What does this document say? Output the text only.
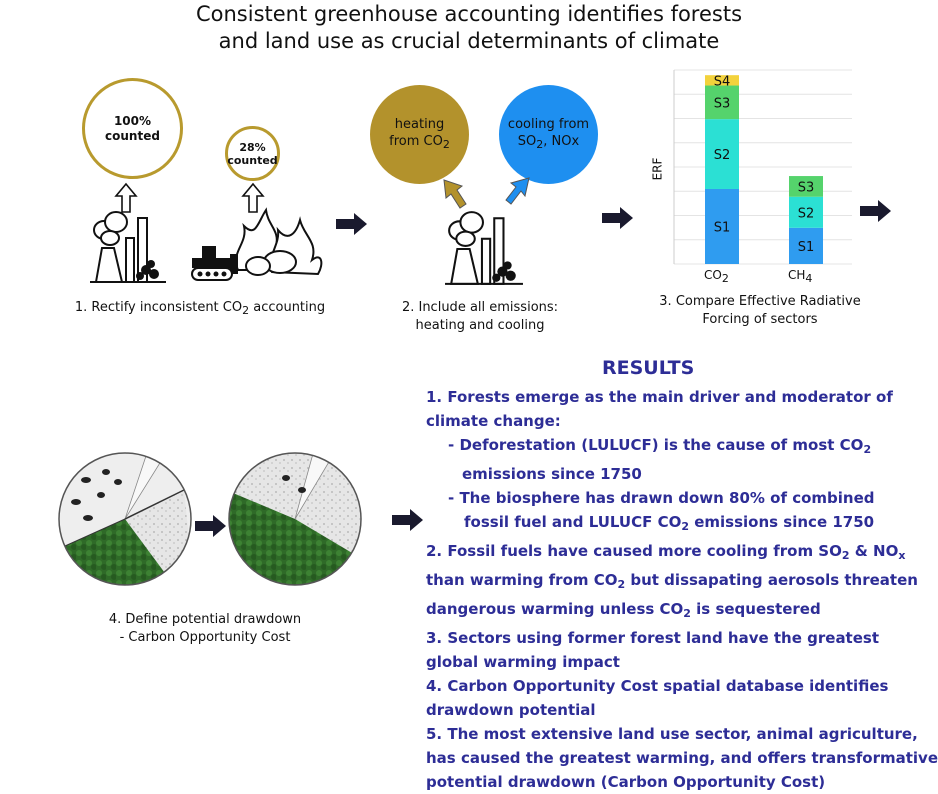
Consistent greenhouse accounting identifies forests
and land use as crucial determinants of climate
100%
counted
28%
counted
1. Rectify inconsistent $CO_2$ accounting
heating
from $CO_2$
cooling from
$SO_2$, NOx
2. Include all emissions:
heating and cooling
S1
S2
S3
S4
S1
S2
S3
ERF
CO2	CH4
3. Compare Effective Radiative
Forcing of sectors
4. Define potential drawdown
- Carbon Opportunity Cost
RESULTS
1. Forests emerge as the main driver and moderator of
climate change:
- Deforestation (LULUCF) is the cause of most $CO_2$
emissions since 1750
- The biosphere has drawn down 80% of combined
fossil fuel and LULUCF $CO_2$ emissions since 1750
2. Fossil fuels have caused more cooling from $SO_2$ & $NO_x$
than warming from $CO_2$ but dissapating aerosols threaten
dangerous warming unless $CO_2$ is sequestered
3. Sectors using former forest land have the greatest
global warming impact
4. Carbon Opportunity Cost spatial database identifies
drawdown potential
5. The most extensive land use sector, animal agriculture,
has caused the greatest warming, and offers transformative
potential drawdown (Carbon Opportunity Cost)
